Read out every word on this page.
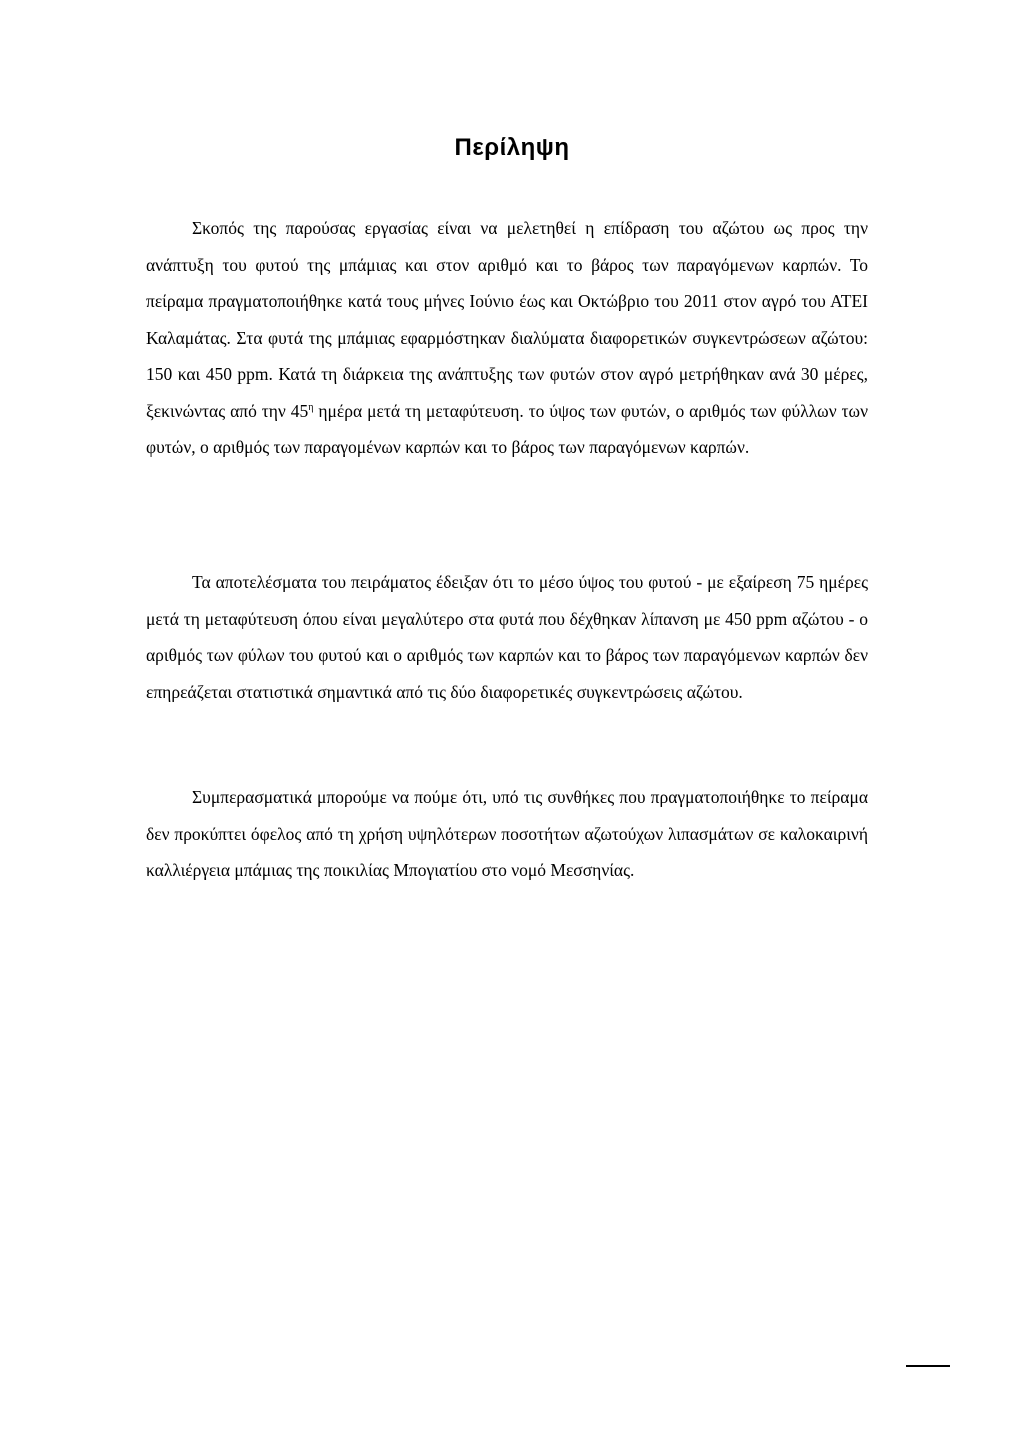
Περίληψη

Σκοπός της παρούσας εργασίας είναι να μελετηθεί η επίδραση του αζώτου ως προς την ανάπτυξη του φυτού της μπάμιας και στον αριθμό και το βάρος των παραγόμενων καρπών. Το πείραμα πραγματοποιήθηκε κατά τους μήνες Ιούνιο έως και Οκτώβριο του 2011 στον αγρό του ΑΤΕΙ Καλαμάτας. Στα φυτά της μπάμιας εφαρμόστηκαν διαλύματα διαφορετικών συγκεντρώσεων αζώτου: 150 και 450 ppm. Κατά τη διάρκεια της ανάπτυξης των φυτών στον αγρό μετρήθηκαν ανά 30 μέρες, ξεκινώντας από την $45^\eta$ ημέρα μετά τη μεταφύτευση. το ύψος των φυτών, ο αριθμός των φύλλων των φυτών, ο αριθμός των παραγομένων καρπών και το βάρος των παραγόμενων καρπών.

Τα αποτελέσματα του πειράματος έδειξαν ότι το μέσο ύψος του φυτού - με εξαίρεση 75 ημέρες μετά τη μεταφύτευση όπου είναι μεγαλύτερο στα φυτά που δέχθηκαν λίπανση με 450 ppm αζώτου - ο αριθμός των φύλων του φυτού και ο αριθμός των καρπών και το βάρος των παραγόμενων καρπών δεν επηρεάζεται στατιστικά σημαντικά από τις δύο διαφορετικές συγκεντρώσεις αζώτου.

Συμπερασματικά μπορούμε να πούμε ότι, υπό τις συνθήκες που πραγματοποιήθηκε το πείραμα δεν προκύπτει όφελος από τη χρήση υψηλότερων ποσοτήτων αζωτούχων λιπασμάτων σε καλοκαιρινή καλλιέργεια μπάμιας της ποικιλίας Μπογιατίου στο νομό Μεσσηνίας.
